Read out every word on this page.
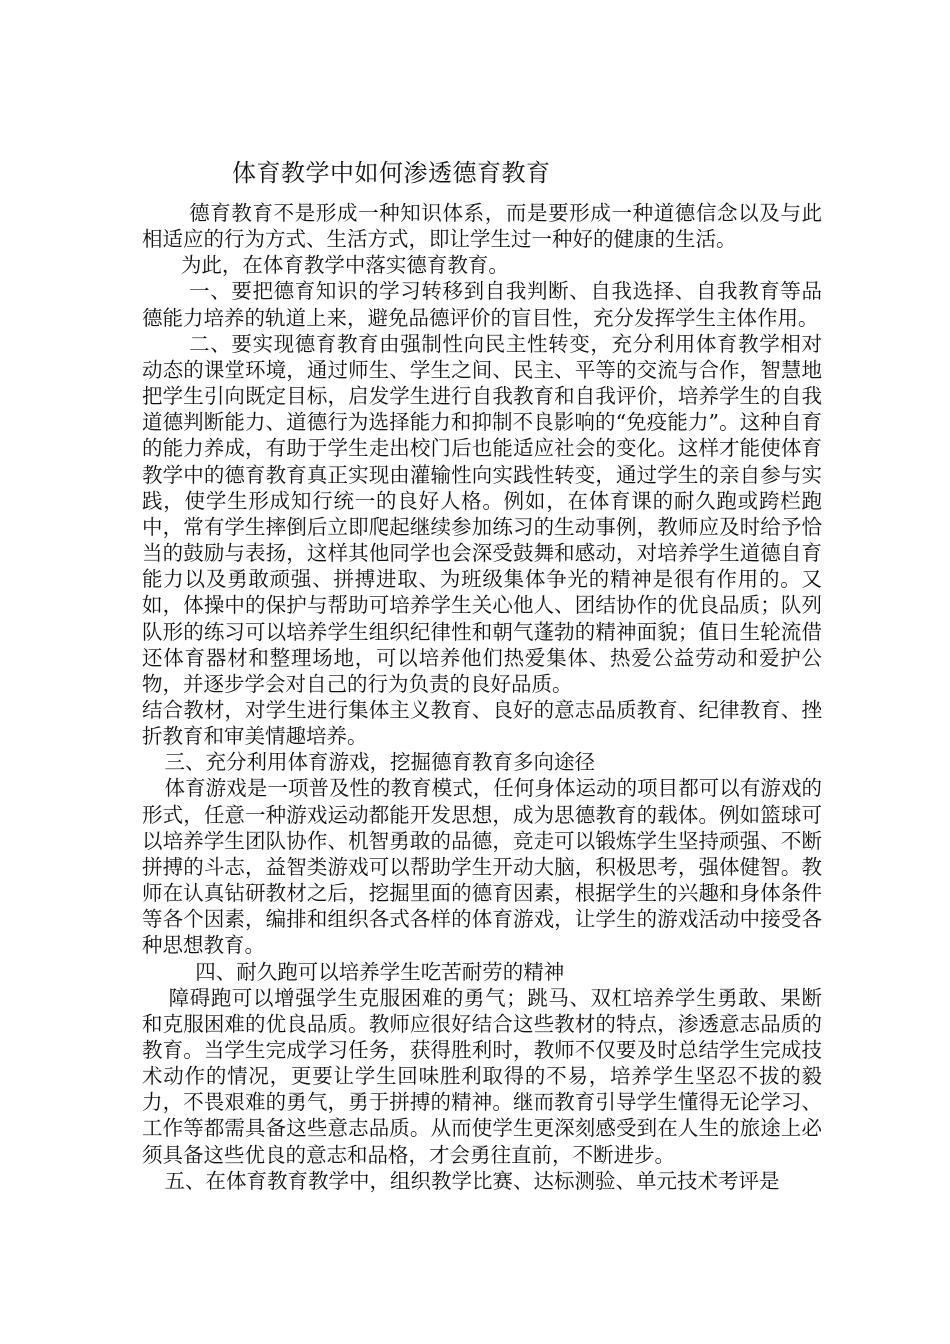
体育教学中如何渗透德育教育

德育教育不是形成一种知识体系，而是要形成一种道德信念以及与此相适应的行为方式、生活方式，即让学生过一种好的健康的生活。

为此，在体育教学中落实德育教育。

一、要把德育知识的学习转移到自我判断、自我选择、自我教育等品德能力培养的轨道上来，避免品德评价的盲目性，充分发挥学生主体作用。

二、要实现德育教育由强制性向民主性转变，充分利用体育教学相对动态的课堂环境，通过师生、学生之间、民主、平等的交流与合作，智慧地把学生引向既定目标，启发学生进行自我教育和自我评价，培养学生的自我道德判断能力、道德行为选择能力和抑制不良影响的“免疫能力”。这种自育的能力养成，有助于学生走出校门后也能适应社会的变化。这样才能使体育教学中的德育教育真正实现由灌输性向实践性转变，通过学生的亲自参与实践，使学生形成知行统一的良好人格。例如，在体育课的耐久跑或跨栏跑中，常有学生摔倒后立即爬起继续参加练习的生动事例，教师应及时给予恰当的鼓励与表扬，这样其他同学也会深受鼓舞和感动，对培养学生道德自育能力以及勇敢顽强、拼搏进取、为班级集体争光的精神是很有作用的。又如，体操中的保护与帮助可培养学生关心他人、团结协作的优良品质；队列队形的练习可以培养学生组织纪律性和朝气蓬勃的精神面貌；值日生轮流借还体育器材和整理场地，可以培养他们热爱集体、热爱公益劳动和爱护公物，并逐步学会对自己的行为负责的良好品质。

结合教材，对学生进行集体主义教育、良好的意志品质教育、纪律教育、挫折教育和审美情趣培养。

三、充分利用体育游戏，挖掘德育教育多向途径

体育游戏是一项普及性的教育模式，任何身体运动的项目都可以有游戏的形式，任意一种游戏运动都能开发思想，成为思德教育的载体。例如篮球可以培养学生团队协作、机智勇敢的品德，竞走可以锻炼学生坚持顽强、不断拼搏的斗志，益智类游戏可以帮助学生开动大脑，积极思考，强体健智。教师在认真钻研教材之后，挖掘里面的德育因素，根据学生的兴趣和身体条件等各个因素，编排和组织各式各样的体育游戏，让学生的游戏活动中接受各种思想教育。

四、耐久跑可以培养学生吃苦耐劳的精神

障碍跑可以增强学生克服困难的勇气；跳马、双杠培养学生勇敢、果断和克服困难的优良品质。教师应很好结合这些教材的特点，渗透意志品质的教育。当学生完成学习任务，获得胜利时，教师不仅要及时总结学生完成技术动作的情况，更要让学生回味胜利取得的不易，培养学生坚忍不拔的毅力，不畏艰难的勇气，勇于拼搏的精神。继而教育引导学生懂得无论学习、工作等都需具备这些意志品质。从而使学生更深刻感受到在人生的旅途上必须具备这些优良的意志和品格，才会勇往直前，不断进步。

五、在体育教育教学中，组织教学比赛、达标测验、单元技术考评是
